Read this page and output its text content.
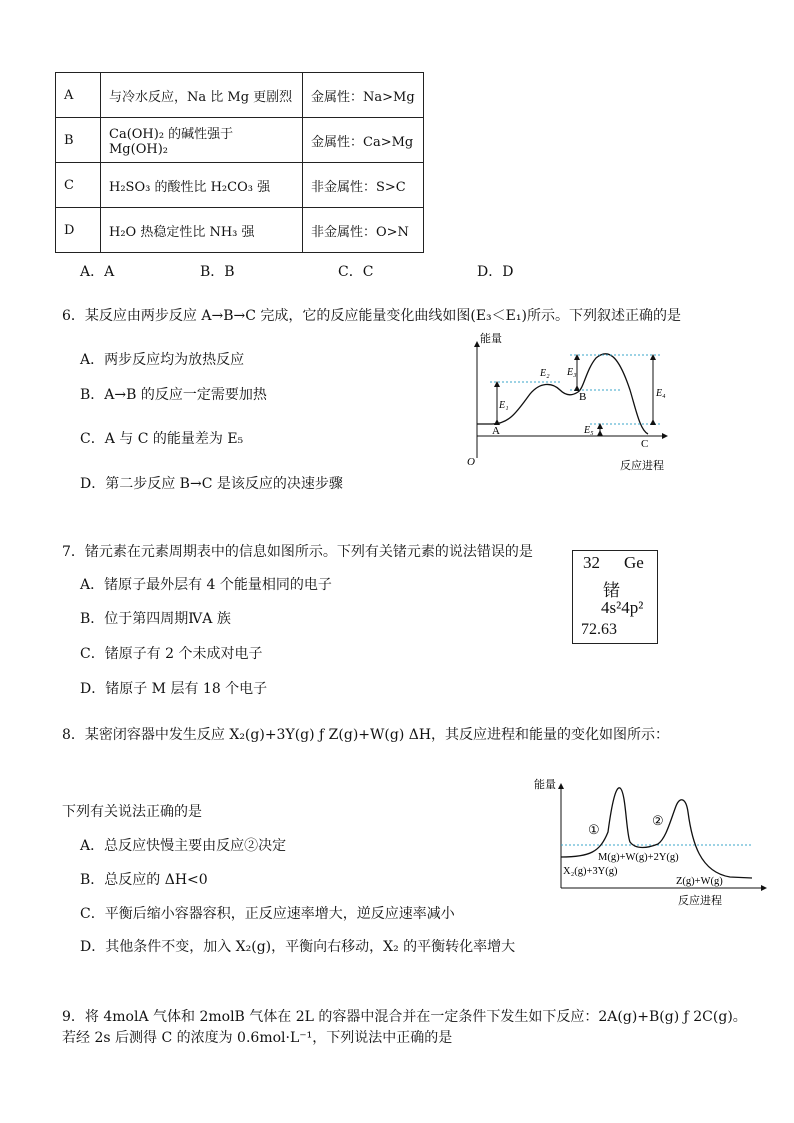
A	与冷水反应，Na 比 Mg 更剧烈	金属性：Na>Mg
B	Ca(OH)₂ 的碱性强于 Mg(OH)₂	金属性：Ca>Mg
C	H₂SO₃ 的酸性比 H₂CO₃ 强	非金属性：S>C
D	H₂O 热稳定性比 NH₃ 强	非金属性：O>N
A．A	B．B	C．C	D．D
6．某反应由两步反应 A→B→C 完成，它的反应能量变化曲线如图(E₃＜E₁)所示。下列叙述正确的是
A．两步反应均为放热反应
B．A→B 的反应一定需要加热
C．A 与 C 的能量差为 E₅
D．第二步反应 B→C 是该反应的决速步骤
能量
反应进程
O
E₁
E₂ E₃
E₄
E₅
A
B
C
7．锗元素在元素周期表中的信息如图所示。下列有关锗元素的说法错误的是
A．锗原子最外层有 4 个能量相同的电子
B．位于第四周期ⅣA 族
C．锗原子有 2 个未成对电子
D．锗原子 M 层有 18 个电子
32 Ge
锗
4s²4p²
72.63
8．某密闭容器中发生反应 X₂(g)+3Y(g) ƒ Z(g)+W(g) ΔH，其反应进程和能量的变化如图所示：
下列有关说法正确的是
A．总反应快慢主要由反应②决定
B．总反应的 ΔH<0
C．平衡后缩小容器容积，正反应速率增大，逆反应速率减小
D．其他条件不变，加入 X₂(g)，平衡向右移动，X₂ 的平衡转化率增大
能量
反应进程
①
②
M(g)+W(g)+2Y(g)
X₂(g)+3Y(g)
Z(g)+W(g)
9．将 4molA 气体和 2molB 气体在 2L 的容器中混合并在一定条件下发生如下反应：2A(g)+B(g) ƒ 2C(g)。
若经 2s 后测得 C 的浓度为 0.6mol·L⁻¹，下列说法中正确的是
